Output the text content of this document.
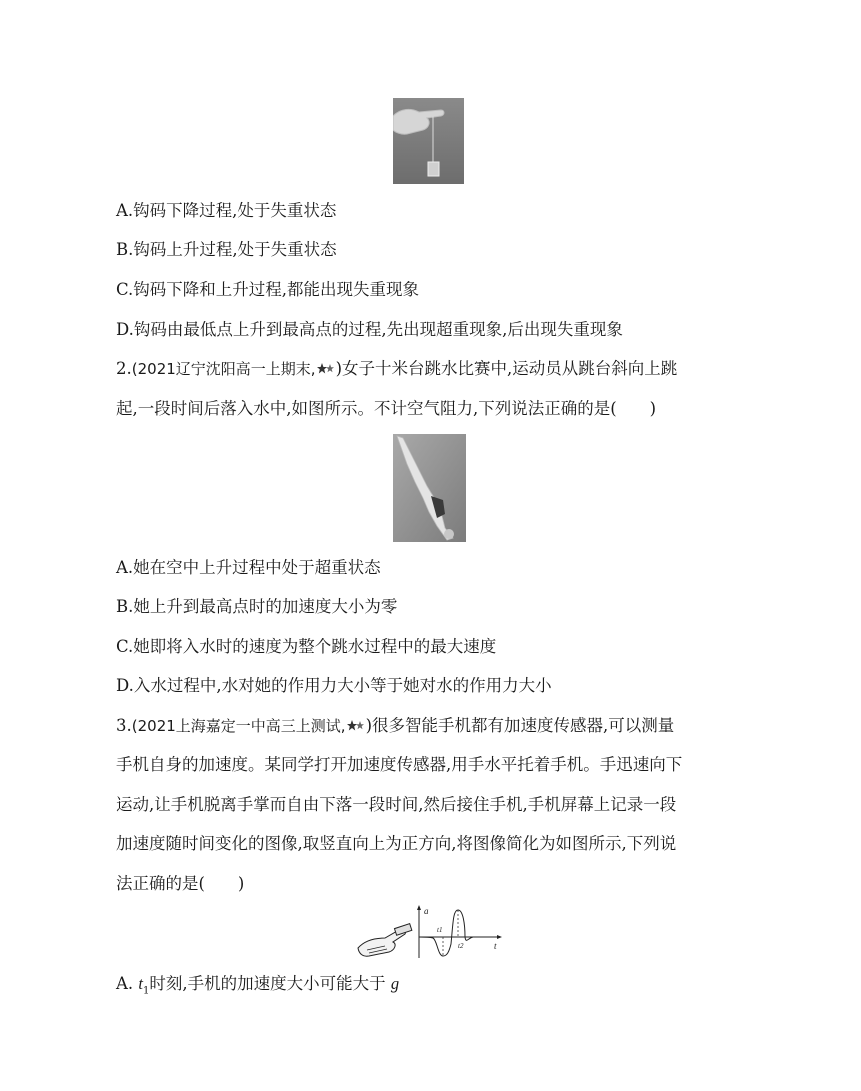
A.钩码下降过程,处于失重状态

B.钩码上升过程,处于失重状态

C.钩码下降和上升过程,都能出现失重现象

D.钩码由最低点上升到最高点的过程,先出现超重现象,后出现失重现象

2.(2021辽宁沈阳高一上期末, )女子十米台跳水比赛中,运动员从跳台斜向上跳

起,一段时间后落入水中,如图所示。不计空气阻力,下列说法正确的是(　　)

A.她在空中上升过程中处于超重状态

B.她上升到最高点时的加速度大小为零

C.她即将入水时的速度为整个跳水过程中的最大速度

D.入水过程中,水对她的作用力大小等于她对水的作用力大小

3.(2021上海嘉定一中高三上测试, )很多智能手机都有加速度传感器,可以测量

手机自身的加速度。某同学打开加速度传感器,用手水平托着手机。手迅速向下

运动,让手机脱离手掌而自由下落一段时间,然后接住手机,手机屏幕上记录一段

加速度随时间变化的图像,取竖直向上为正方向,将图像简化为如图所示,下列说

法正确的是(　　)

a
t
t1
t2

A. $t_1$时刻,手机的加速度大小可能大于 g
